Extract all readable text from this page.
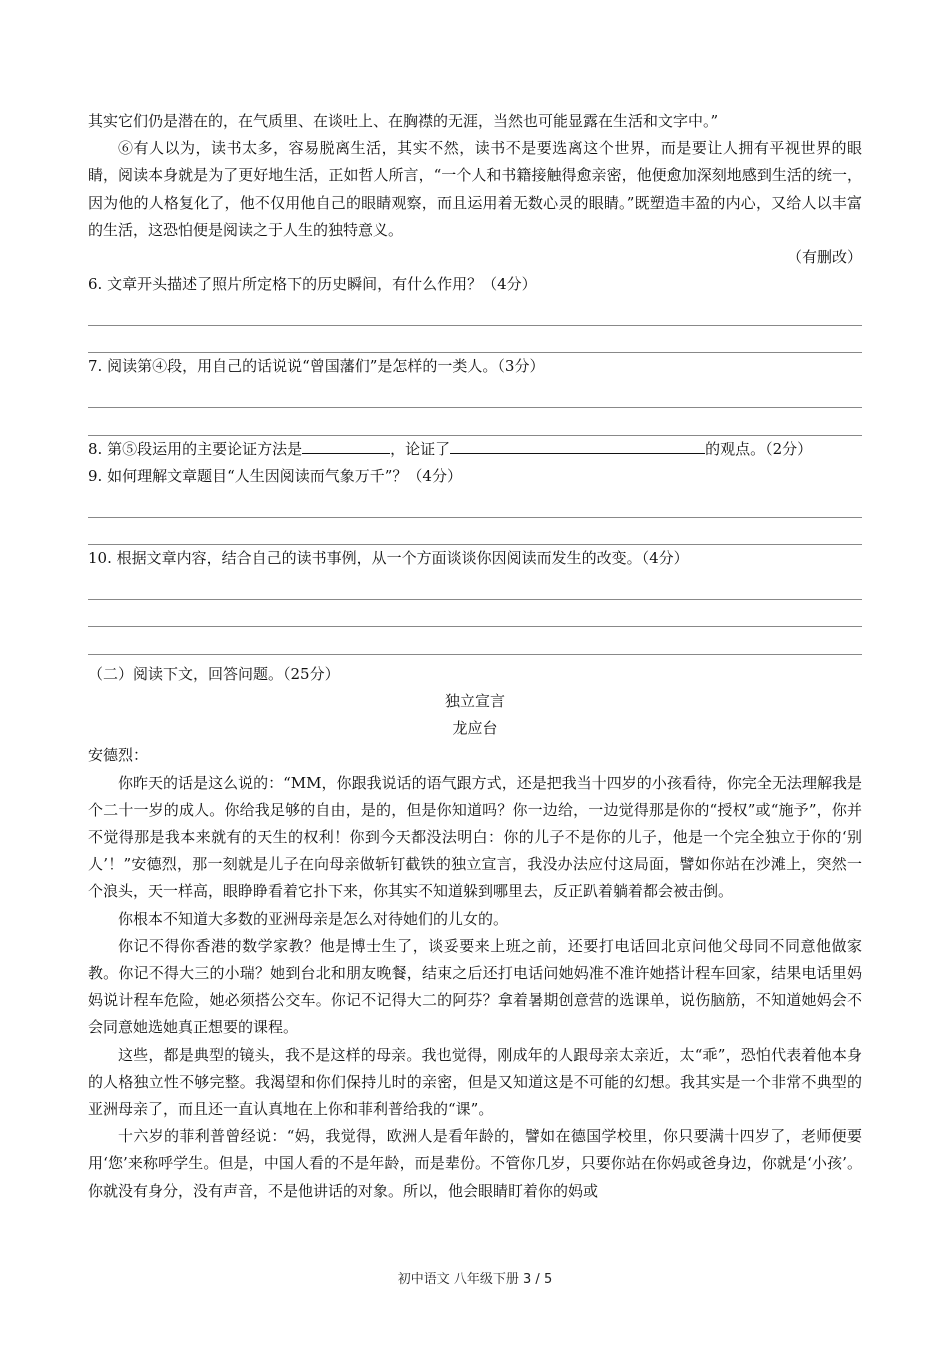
其实它们仍是潜在的，在气质里、在谈吐上、在胸襟的无涯，当然也可能显露在生活和文字中。”

⑥有人以为，读书太多，容易脱离生活，其实不然，读书不是要选离这个世界，而是要让人拥有平视世界的眼睛，阅读本身就是为了更好地生活，正如哲人所言，“一个人和书籍接触得愈亲密，他便愈加深刻地感到生活的统一，因为他的人格复化了，他不仅用他自己的眼睛观察，而且运用着无数心灵的眼睛。”既塑造丰盈的内心，又给人以丰富的生活，这恐怕便是阅读之于人生的独特意义。

（有删改）

6. 文章开头描述了照片所定格下的历史瞬间，有什么作用？（4分）

7. 阅读第④段，用自己的话说说“曾国藩们”是怎样的一类人。（3分）

8. 第⑤段运用的主要论证方法是	，论证了	的观点。（2分）

9. 如何理解文章题目“人生因阅读而气象万千”？（4分）

10. 根据文章内容，结合自己的读书事例，从一个方面谈谈你因阅读而发生的改变。（4分）

（二）阅读下文，回答问题。（25分）

独立宣言

龙应台

安德烈：

你昨天的话是这么说的：“MM，你跟我说话的语气跟方式，还是把我当十四岁的小孩看待，你完全无法理解我是个二十一岁的成人。你给我足够的自由，是的，但是你知道吗？你一边给，一边觉得那是你的“授权”或“施予”，你并不觉得那是我本来就有的天生的权利！你到今天都没法明白：你的儿子不是你的儿子，他是一个完全独立于你的‘别人’！”安德烈，那一刻就是儿子在向母亲做斩钉截铁的独立宣言，我没办法应付这局面，譬如你站在沙滩上，突然一个浪头，天一样高，眼睁睁看着它扑下来，你其实不知道躲到哪里去，反正趴着躺着都会被击倒。

你根本不知道大多数的亚洲母亲是怎么对待她们的儿女的。

你记不得你香港的数学家教？他是博士生了，谈妥要来上班之前，还要打电话回北京问他父母同不同意他做家教。你记不得大三的小瑞？她到台北和朋友晚餐，结束之后还打电话问她妈准不准许她搭计程车回家，结果电话里妈妈说计程车危险，她必须搭公交车。你记不记得大二的阿芬？拿着暑期创意营的选课单，说伤脑筋，不知道她妈会不会同意她选她真正想要的课程。

这些，都是典型的镜头，我不是这样的母亲。我也觉得，刚成年的人跟母亲太亲近，太“乖”，恐怕代表着他本身的人格独立性不够完整。我渴望和你们保持儿时的亲密，但是又知道这是不可能的幻想。我其实是一个非常不典型的亚洲母亲了，而且还一直认真地在上你和菲利普给我的“课”。

十六岁的菲利普曾经说：“妈，我觉得，欧洲人是看年龄的，譬如在德国学校里，你只要满十四岁了，老师便要用‘您’来称呼学生。但是，中国人看的不是年龄，而是辈份。不管你几岁，只要你站在你妈或爸身边，你就是‘小孩’。你就没有身分，没有声音，不是他讲话的对象。所以，他会眼睛盯着你的妈或

初中语文 八年级下册 3 / 5
